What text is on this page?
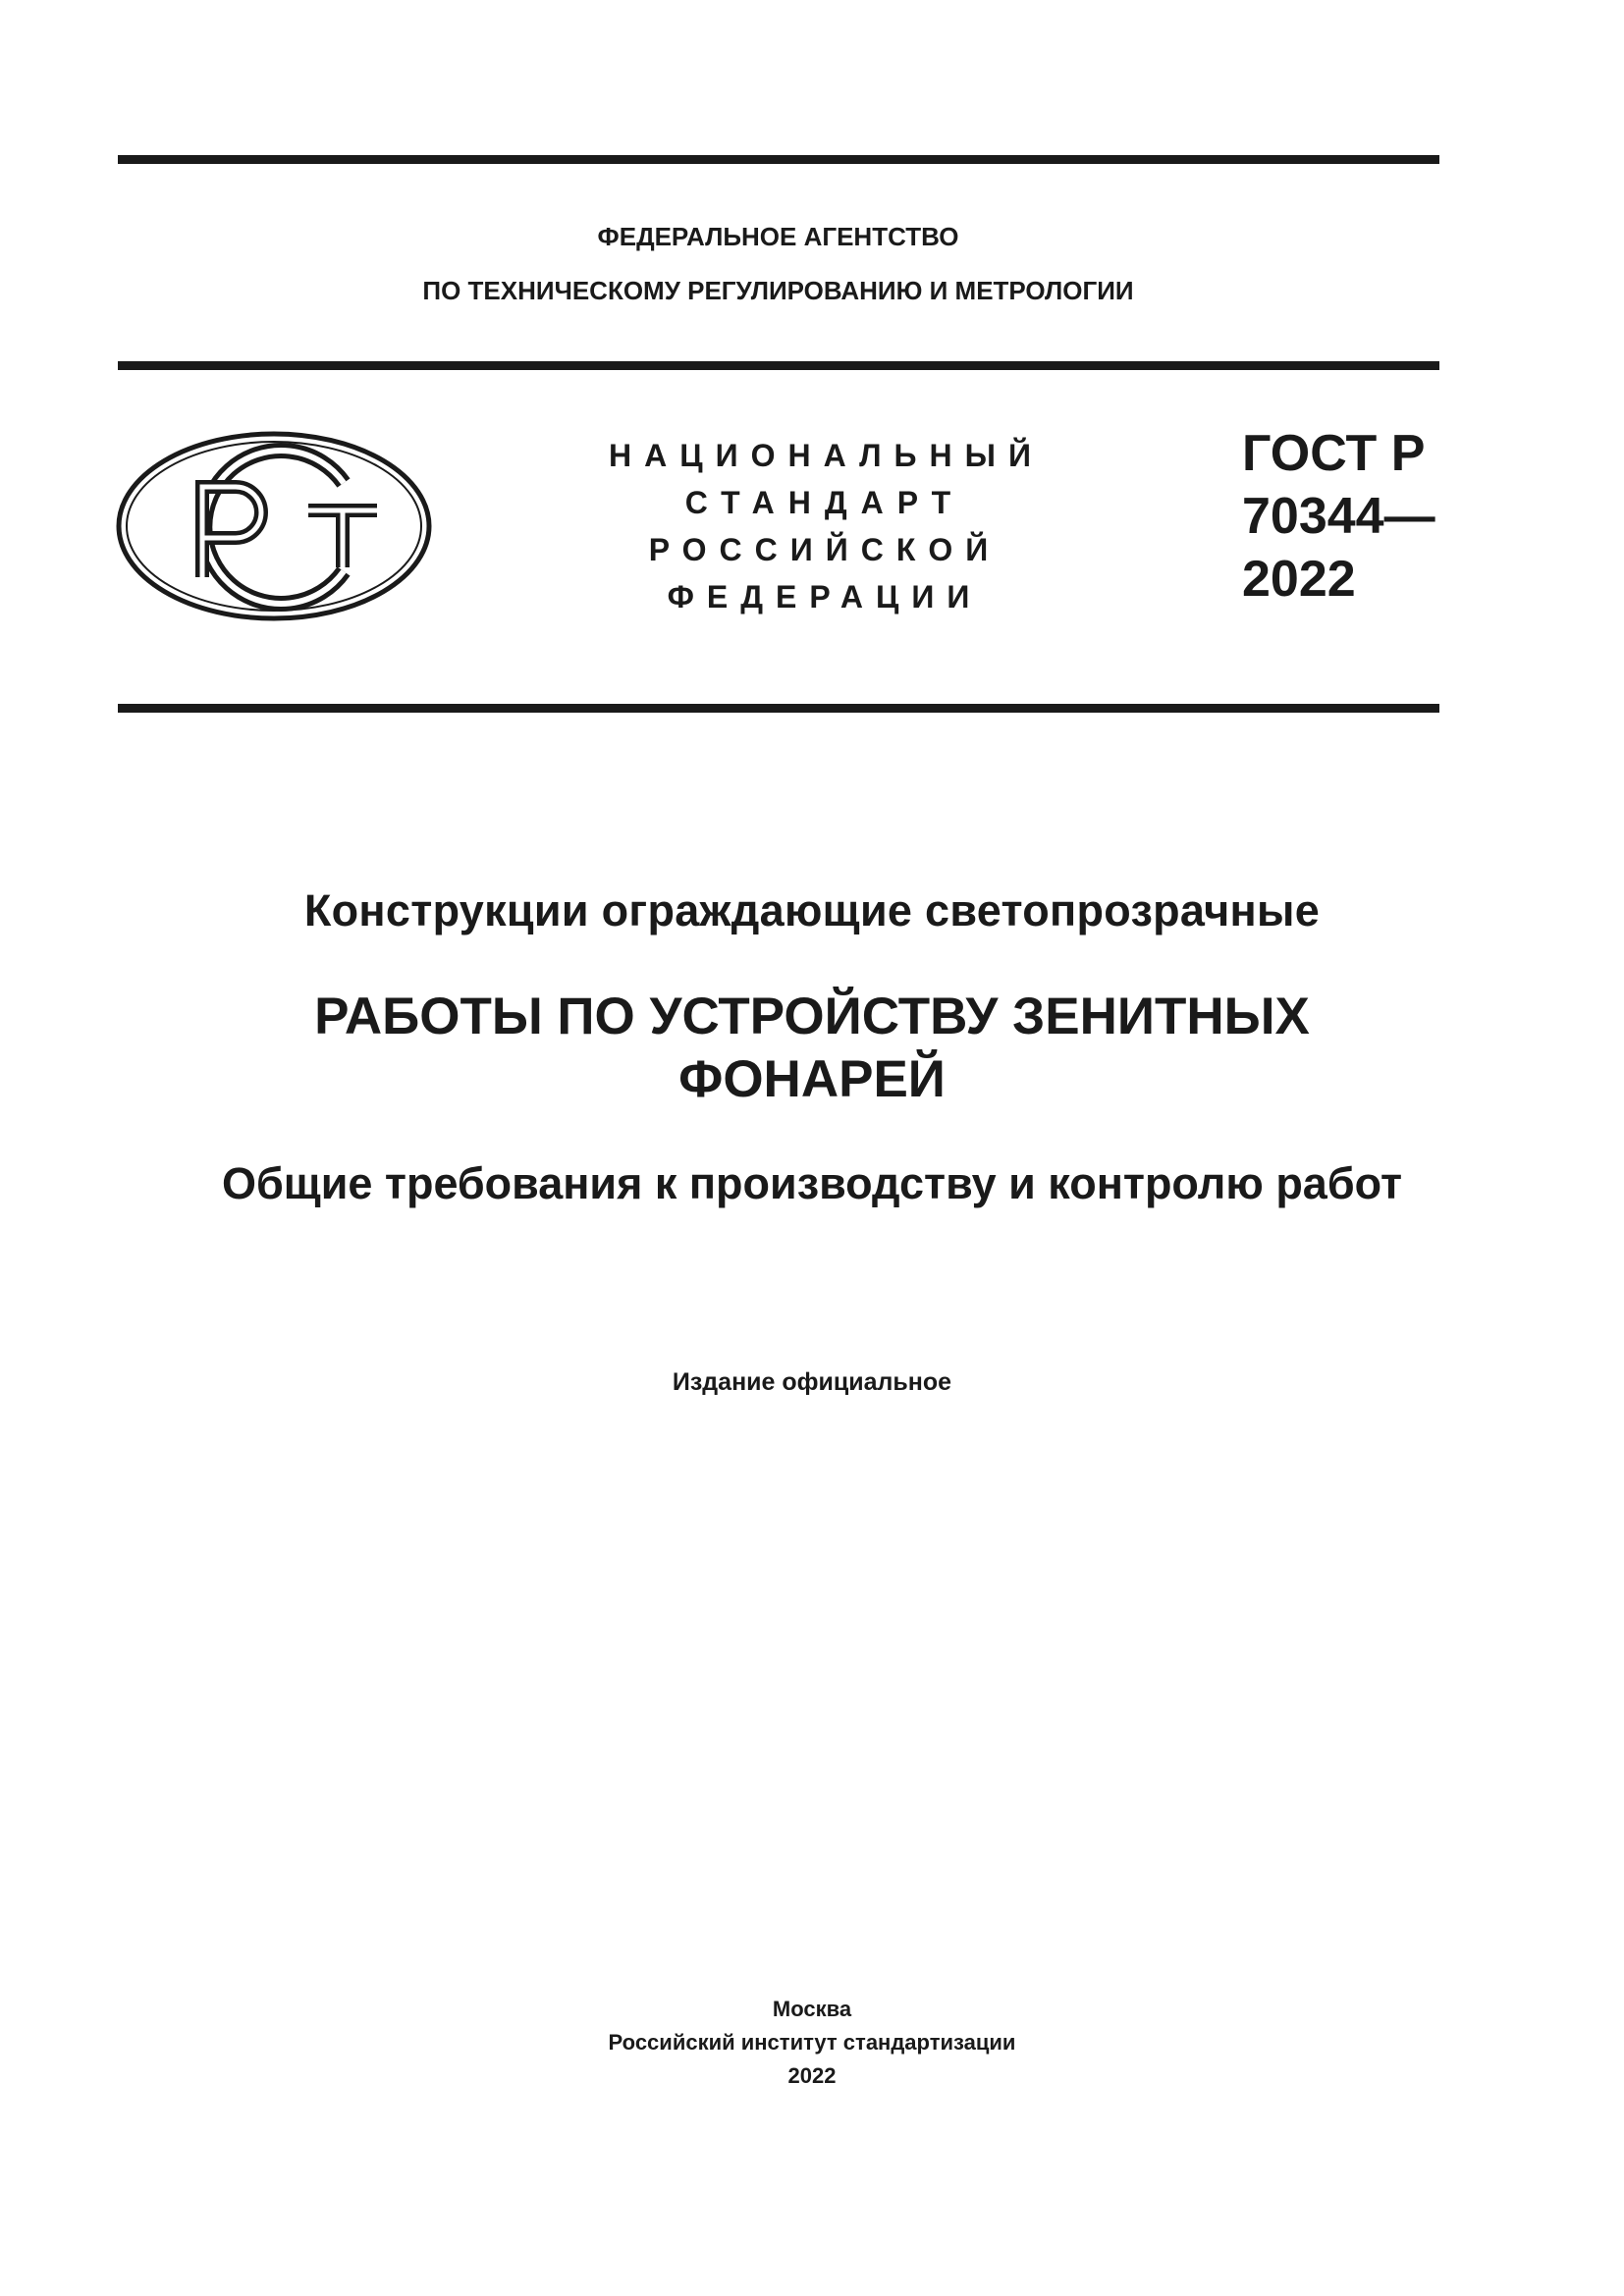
ФЕДЕРАЛЬНОЕ АГЕНТСТВО
ПО ТЕХНИЧЕСКОМУ РЕГУЛИРОВАНИЮ И МЕТРОЛОГИИ
НАЦИОНАЛЬНЫЙ
СТАНДАРТ
РОССИЙСКОЙ
ФЕДЕРАЦИИ
ГОСТ Р
70344—
2022
Конструкции ограждающие светопрозрачные
РАБОТЫ ПО УСТРОЙСТВУ ЗЕНИТНЫХ
ФОНАРЕЙ
Общие требования к производству и контролю работ
Издание официальное
Москва
Российский институт стандартизации
2022
